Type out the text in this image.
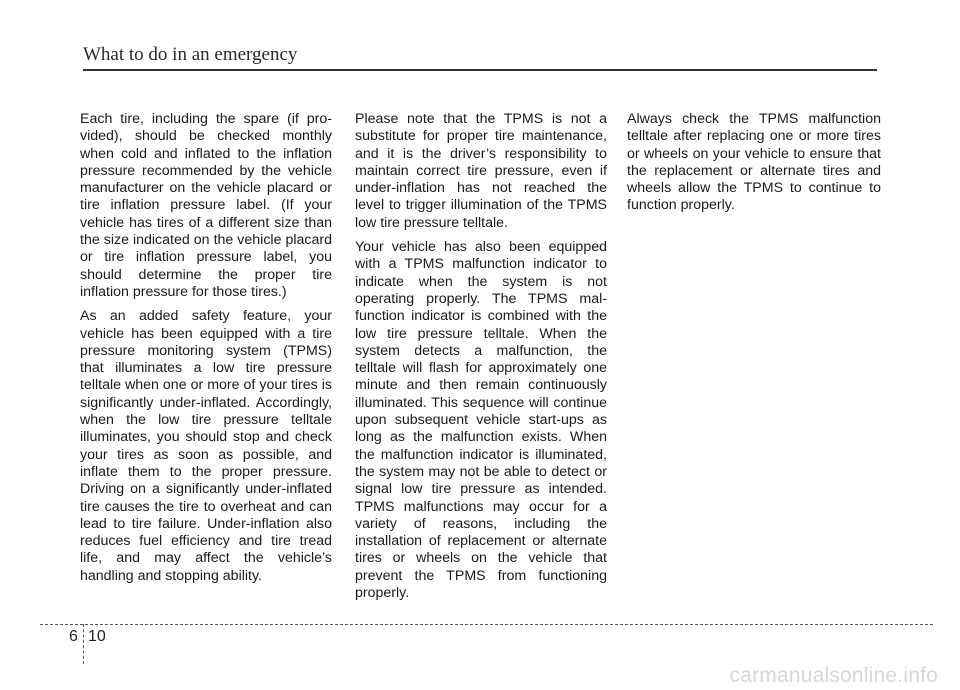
What to do in an emergency

Each tire, including the spare (if provided), should be checked monthly when cold and inflated to the inflation pressure recommended by the vehicle manufacturer on the vehicle placard or tire inflation pressure label. (If your vehicle has tires of a different size than the size indicated on the vehicle placard or tire inflation pressure label, you should determine the proper tire inflation pressure for those tires.)

As an added safety feature, your vehicle has been equipped with a tire pressure monitoring system (TPMS) that illuminates a low tire pressure telltale when one or more of your tires is significantly under-inflated. Accordingly, when the low tire pressure telltale illuminates, you should stop and check your tires as soon as possible, and inflate them to the proper pressure. Driving on a significantly under-inflated tire causes the tire to overheat and can lead to tire failure. Under-inflation also reduces fuel efficiency and tire tread life, and may affect the vehicle’s handling and stopping ability.

Please note that the TPMS is not a substitute for proper tire maintenance, and it is the driver’s responsibility to maintain correct tire pressure, even if under-inflation has not reached the level to trigger illumination of the TPMS low tire pressure telltale.

Your vehicle has also been equipped with a TPMS malfunction indicator to indicate when the system is not operating properly. The TPMS malfunction indicator is combined with the low tire pressure telltale. When the system detects a malfunction, the telltale will flash for approximately one minute and then remain continuously illuminated. This sequence will continue upon subsequent vehicle start-ups as long as the malfunction exists. When the malfunction indicator is illuminated, the system may not be able to detect or signal low tire pressure as intended. TPMS malfunctions may occur for a variety of reasons, including the installation of replacement or alternate tires or wheels on the vehicle that prevent the TPMS from functioning properly.

Always check the TPMS malfunction telltale after replacing one or more tires or wheels on your vehicle to ensure that the replacement or alternate tires and wheels allow the TPMS to continue to function properly.

6 10
carmanualsonline.info
